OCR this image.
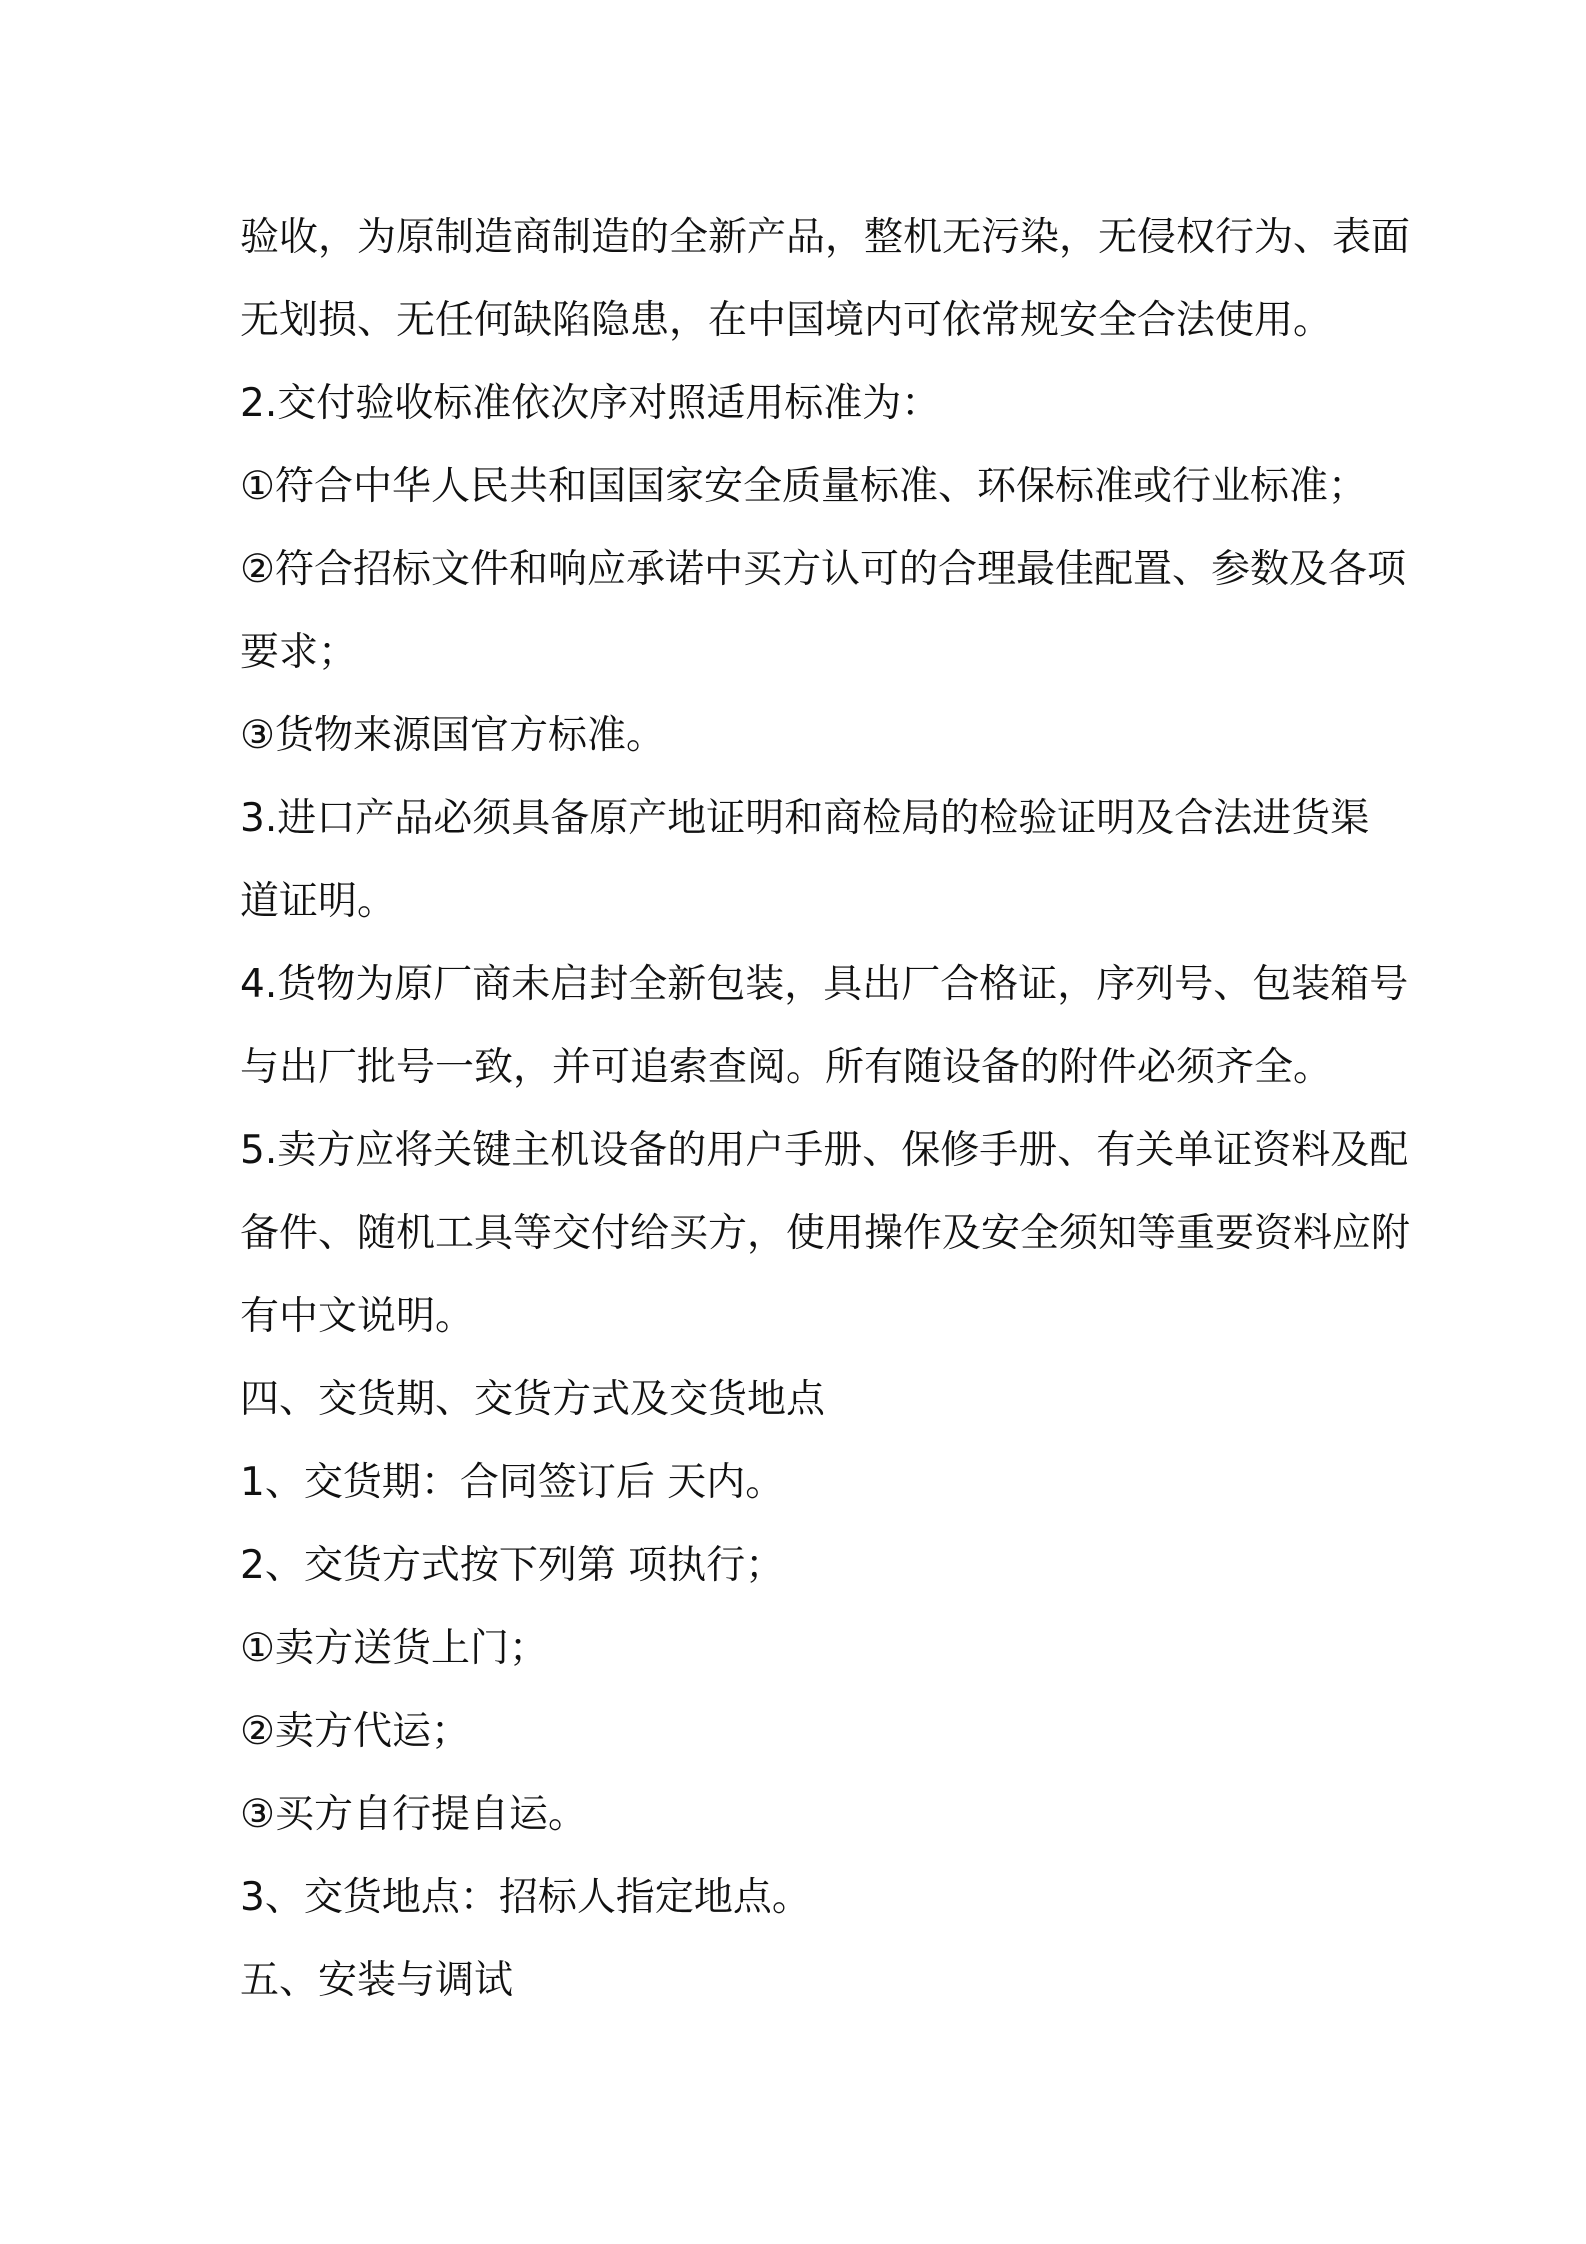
验收，为原制造商制造的全新产品，整机无污染，无侵权行为、表面
无划损、无任何缺陷隐患，在中国境内可依常规安全合法使用。
2.交付验收标准依次序对照适用标准为：
①符合中华人民共和国国家安全质量标准、环保标准或行业标准；
②符合招标文件和响应承诺中买方认可的合理最佳配置、参数及各项
要求；
③货物来源国官方标准。
3.进口产品必须具备原产地证明和商检局的检验证明及合法进货渠
道证明。
4.货物为原厂商未启封全新包装，具出厂合格证，序列号、包装箱号
与出厂批号一致，并可追索查阅。所有随设备的附件必须齐全。
5.卖方应将关键主机设备的用户手册、保修手册、有关单证资料及配
备件、随机工具等交付给买方，使用操作及安全须知等重要资料应附
有中文说明。
四、交货期、交货方式及交货地点
1、交货期：合同签订后 天内。
2、交货方式按下列第 项执行；
①卖方送货上门；
②卖方代运；
③买方自行提自运。
3、交货地点：招标人指定地点。
五、安装与调试
